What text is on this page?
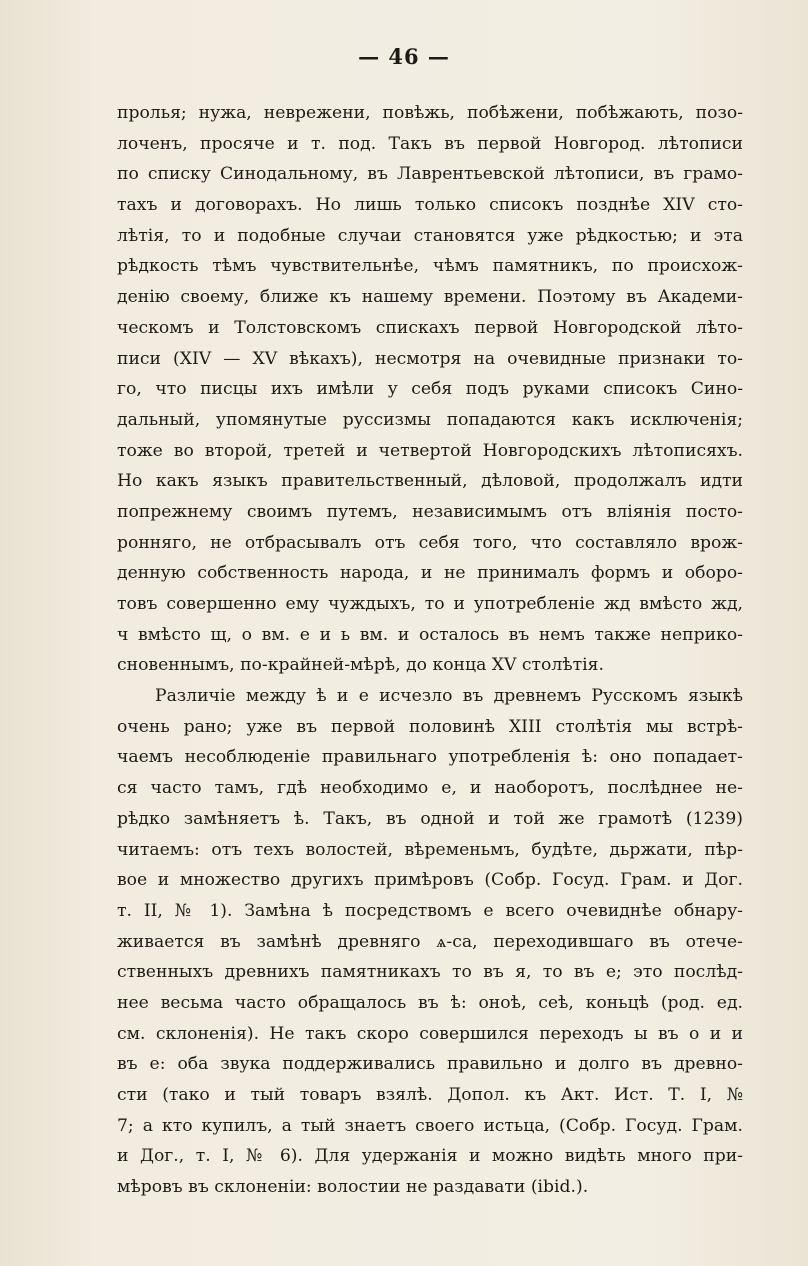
— 46 —
пролья; нужа, неврежени, повѣжь, побѣжени, побѣжають, позо-
лоченъ, просяче и т. под. Такъ въ первой Новгород. лѣтописи
по списку Синодальному, въ Лаврентьевской лѣтописи, въ грамо-
тахъ и договорахъ. Но лишь только списокъ позднѣе XIV сто-
лѣтія, то и подобные случаи становятся уже рѣдкостью; и эта
рѣдкость тѣмъ чувствительнѣе, чѣмъ памятникъ, по происхож-
денію своему, ближе къ нашему времени. Поэтому въ Академи-
ческомъ и Толстовскомъ спискахъ первой Новгородской лѣто-
писи (XIV — XV вѣкахъ), несмотря на очевидные признаки то-
го, что писцы ихъ имѣли у себя подъ руками списокъ Сино-
дальный, упомянутые руссизмы попадаются какъ исключенія;
тоже во второй, третей и четвертой Новгородскихъ лѣтописяхъ.
Но какъ языкъ правительственный, дѣловой, продолжалъ идти
попрежнему своимъ путемъ, независимымъ отъ вліянія посто-
ронняго, не отбрасывалъ отъ себя того, что составляло врож-
денную собственность народа, и не принималъ формъ и оборо-
товъ совершенно ему чуждыхъ, то и употребленіе жд вмѣсто жд,
ч вмѣсто щ, о вм. е и ь вм. и осталось въ немъ также неприко-
сновеннымъ, по-крайней-мѣрѣ, до конца XV столѣтія.
Различіе между ѣ и е исчезло въ древнемъ Русскомъ языкѣ
очень рано; уже въ первой половинѣ XIII столѣтія мы встрѣ-
чаемъ несоблюденіе правильнаго употребленія ѣ: оно попадает-
ся часто тамъ, гдѣ необходимо е, и наоборотъ, послѣднее не-
рѣдко замѣняетъ ѣ. Такъ, въ одной и той же грамотѣ (1239)
читаемъ: отъ техъ волостей, вѣременьмъ, будѣте, дьржати, пѣр-
вое и множество другихъ примѣровъ (Собр. Госуд. Грам. и Дог.
т. II, № 1). Замѣна ѣ посредствомъ е всего очевиднѣе обнару-
живается въ замѣнѣ древняго ѧ-са, переходившаго въ отече-
ственныхъ древнихъ памятникахъ то въ я, то въ е; это послѣд-
нее весьма часто обращалось въ ѣ: оноѣ, сеѣ, коньцѣ (род. ед.
см. склоненія). Не такъ скоро совершился переходъ ы въ о и и
въ е: оба звука поддерживались правильно и долго въ древно-
сти (тако и тый товаръ взялѣ. Допол. къ Акт. Ист. Т. I, №
7; а кто купилъ, а тый знаетъ своего истьца, (Собр. Госуд. Грам.
и Дог., т. I, № 6). Для удержанія и можно видѣть много при-
мѣровъ въ склоненіи: волостии не раздавати (ibid.).
